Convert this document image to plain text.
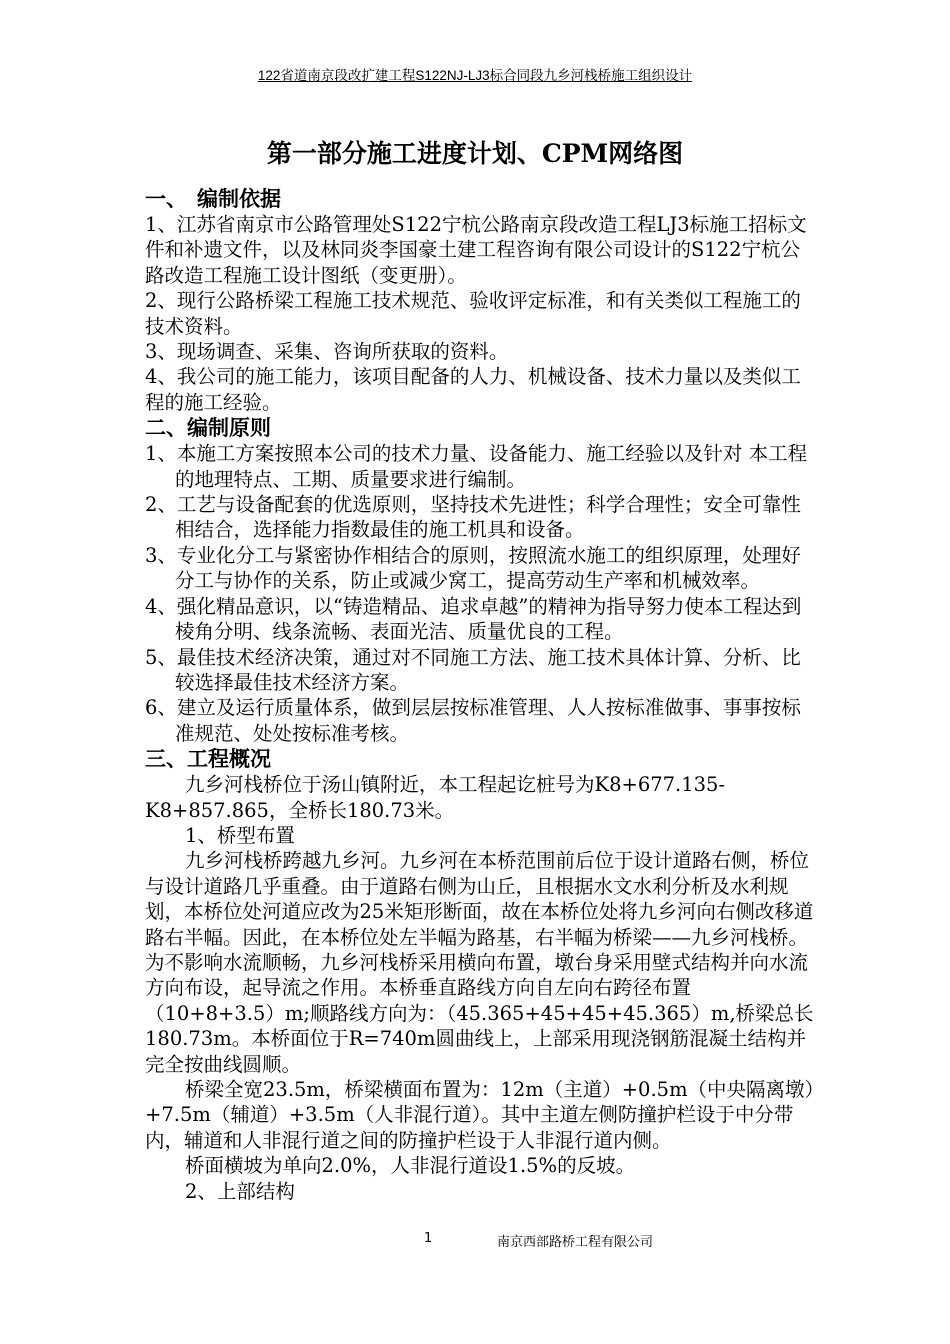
122省道南京段改扩建工程S122NJ-LJ3标合同段九乡河栈桥施工组织设计
第一部分施工进度计划、CPM网络图

一、 编制依据

1、江苏省南京市公路管理处S122宁杭公路南京段改造工程LJ3标施工招标文件和补遗文件，以及林同炎李国豪土建工程咨询有限公司设计的S122宁杭公路改造工程施工设计图纸（变更册）。

2、现行公路桥梁工程施工技术规范、验收评定标准，和有关类似工程施工的技术资料。

3、现场调查、采集、咨询所获取的资料。

4、我公司的施工能力，该项目配备的人力、机械设备、技术力量以及类似工程的施工经验。

二、编制原则

1、本施工方案按照本公司的技术力量、设备能力、施工经验以及针对 本工程的地理特点、工期、质量要求进行编制。

2、工艺与设备配套的优选原则，坚持技术先进性；科学合理性；安全可靠性相结合，选择能力指数最佳的施工机具和设备。

3、专业化分工与紧密协作相结合的原则，按照流水施工的组织原理，处理好分工与协作的关系，防止或减少窝工，提高劳动生产率和机械效率。

4、强化精品意识，以“铸造精品、追求卓越”的精神为指导努力使本工程达到棱角分明、线条流畅、表面光洁、质量优良的工程。

5、最佳技术经济决策，通过对不同施工方法、施工技术具体计算、分析、比较选择最佳技术经济方案。

6、建立及运行质量体系，做到层层按标准管理、人人按标准做事、事事按标准规范、处处按标准考核。

三、工程概况

九乡河栈桥位于汤山镇附近，本工程起讫桩号为K8+677.135-K8+857.865，全桥长180.73米。

1、桥型布置

九乡河栈桥跨越九乡河。九乡河在本桥范围前后位于设计道路右侧，桥位与设计道路几乎重叠。由于道路右侧为山丘，且根据水文水利分析及水利规划，本桥位处河道应改为25米矩形断面，故在本桥位处将九乡河向右侧改移道路右半幅。因此，在本桥位处左半幅为路基，右半幅为桥梁——九乡河栈桥。为不影响水流顺畅，九乡河栈桥采用横向布置，墩台身采用壁式结构并向水流方向布设，起导流之作用。本桥垂直路线方向自左向右跨径布置（10+8+3.5）m;顺路线方向为：（45.365+45+45+45.365）m,桥梁总长180.73m。本桥面位于R=740m圆曲线上，上部采用现浇钢筋混凝土结构并完全按曲线圆顺。

桥梁全宽23.5m，桥梁横面布置为：12m（主道）+0.5m（中央隔离墩）+7.5m（辅道）+3.5m（人非混行道）。其中主道左侧防撞护栏设于中分带内，辅道和人非混行道之间的防撞护栏设于人非混行道内侧。

桥面横坡为单向2.0%，人非混行道设1.5%的反坡。

2、上部结构

1	南京西部路桥工程有限公司
